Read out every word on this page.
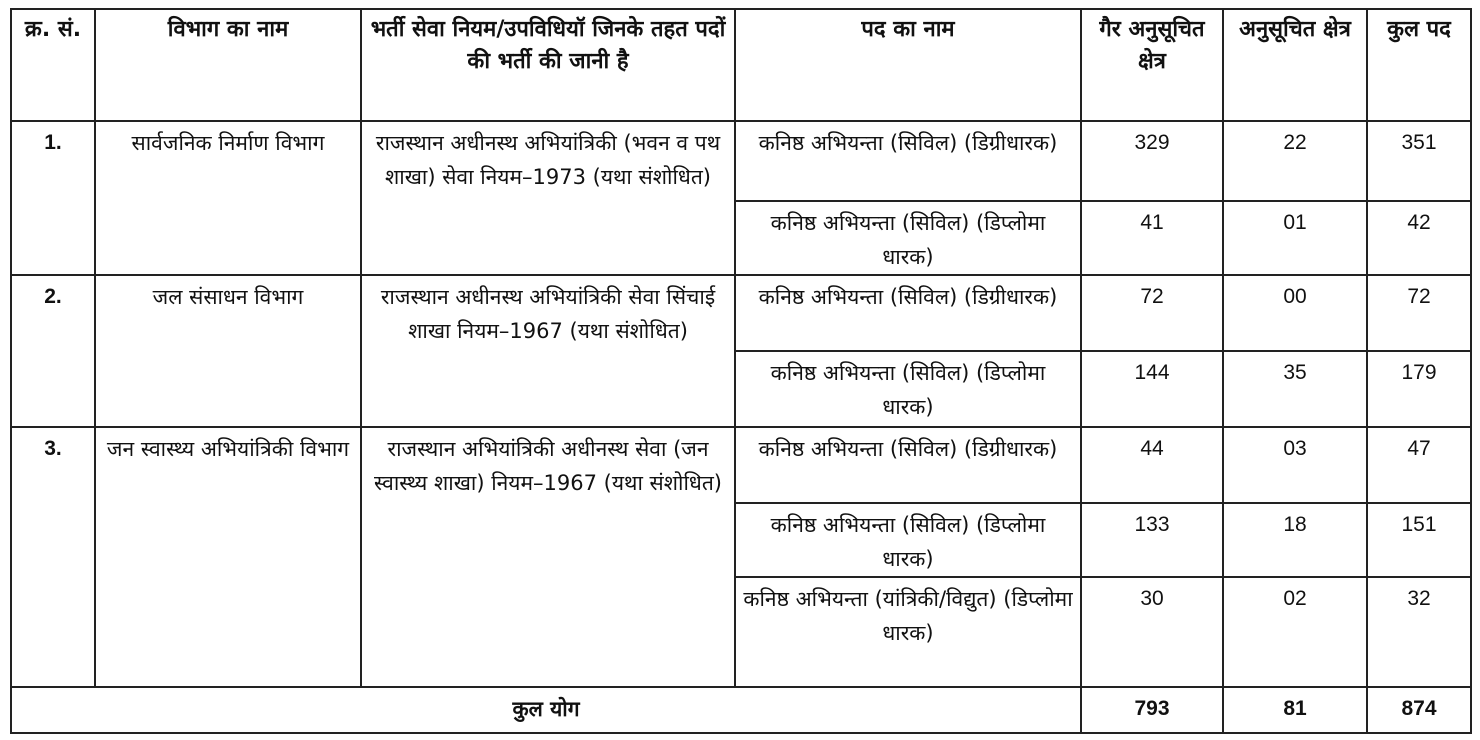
क्र. सं.	विभाग का नाम	भर्ती सेवा नियम/उपविधियॉ जिनके तहत पदों की भर्ती की जानी है	पद का नाम	गैर अनुसूचित क्षेत्र	अनुसूचित क्षेत्र	कुल पद
1.	सार्वजनिक निर्माण विभाग	राजस्थान अधीनस्थ अभियांत्रिकी (भवन व पथ शाखा) सेवा नियम–1973 (यथा संशोधित)	कनिष्ठ अभियन्ता (सिविल) (डिग्रीधारक)	329	22	351
			कनिष्ठ अभियन्ता (सिविल) (डिप्लोमा धारक)	41	01	42
2.	जल संसाधन विभाग	राजस्थान अधीनस्थ अभियांत्रिकी सेवा सिंचाई शाखा नियम–1967 (यथा संशोधित)	कनिष्ठ अभियन्ता (सिविल) (डिग्रीधारक)	72	00	72
			कनिष्ठ अभियन्ता (सिविल) (डिप्लोमा धारक)	144	35	179
3.	जन स्वास्थ्य अभियांत्रिकी विभाग	राजस्थान अभियांत्रिकी अधीनस्थ सेवा (जन स्वास्थ्य शाखा) नियम–1967 (यथा संशोधित)	कनिष्ठ अभियन्ता (सिविल) (डिग्रीधारक)	44	03	47
			कनिष्ठ अभियन्ता (सिविल) (डिप्लोमा धारक)	133	18	151
			कनिष्ठ अभियन्ता (यांत्रिकी/विद्युत) (डिप्लोमा धारक)	30	02	32
कुल योग				793	81	874
